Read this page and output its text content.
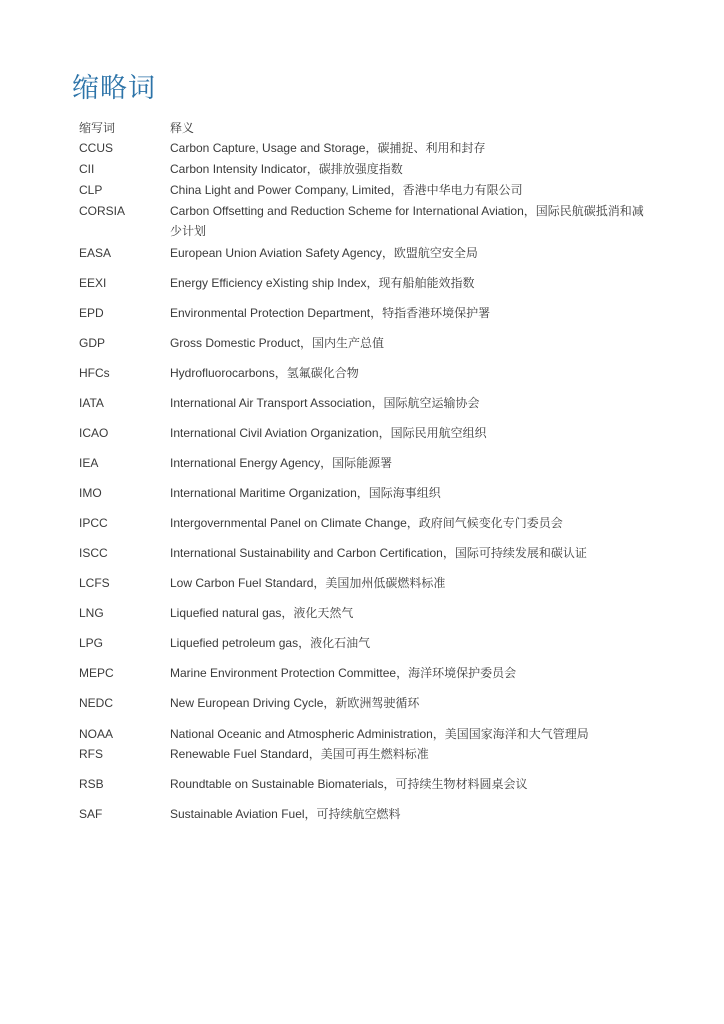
缩略词
缩写词	释义
CCUS	Carbon Capture, Usage and Storage，碳捕捉、利用和封存
CII	Carbon Intensity Indicator，碳排放强度指数
CLP	China Light and Power Company, Limited，香港中华电力有限公司
CORSIA	Carbon Offsetting and Reduction Scheme for International Aviation，国际民航碳抵消和减少计划
EASA	European Union Aviation Safety Agency，欧盟航空安全局
EEXI	Energy Efficiency eXisting ship Index，现有船舶能效指数
EPD	Environmental Protection Department，特指香港环境保护署
GDP	Gross Domestic Product，国内生产总值
HFCs	Hydrofluorocarbons，氢氟碳化合物
IATA	International Air Transport Association，国际航空运输协会
ICAO	International Civil Aviation Organization，国际民用航空组织
IEA	International Energy Agency，国际能源署
IMO	International Maritime Organization，国际海事组织
IPCC	Intergovernmental Panel on Climate Change，政府间气候变化专门委员会
ISCC	International Sustainability and Carbon Certification，国际可持续发展和碳认证
LCFS	Low Carbon Fuel Standard，美国加州低碳燃料标准
LNG	Liquefied natural gas，液化天然气
LPG	Liquefied petroleum gas，液化石油气
MEPC	Marine Environment Protection Committee，海洋环境保护委员会
NEDC	New European Driving Cycle，新欧洲驾驶循环
NOAA	National Oceanic and Atmospheric Administration，美国国家海洋和大气管理局
RFS	Renewable Fuel Standard，美国可再生燃料标准
RSB	Roundtable on Sustainable Biomaterials，可持续生物材料圆桌会议
SAF	Sustainable Aviation Fuel，可持续航空燃料
